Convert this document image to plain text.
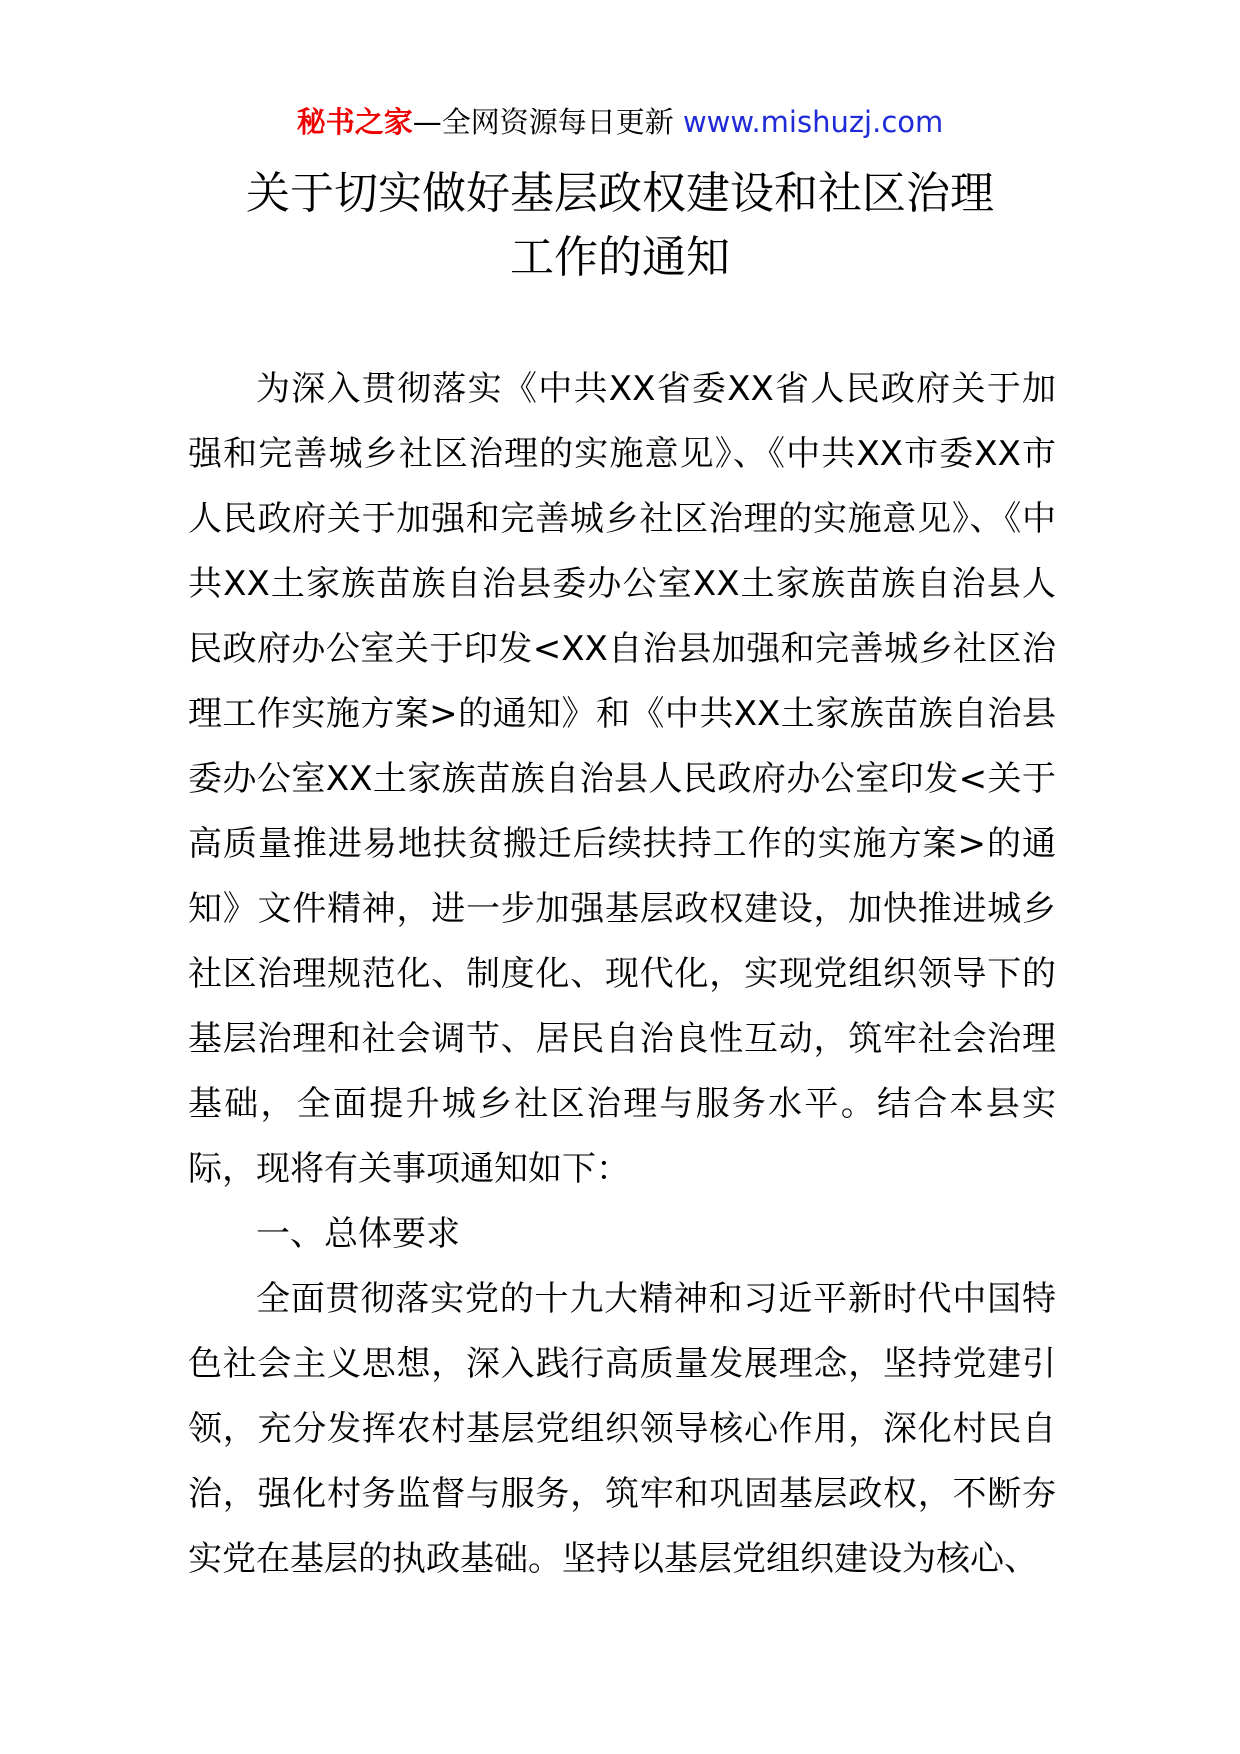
秘书之家—全网资源每日更新 www.mishuzj.com
关于切实做好基层政权建设和社区治理
工作的通知

为深入贯彻落实《中共XX省委XX省人民政府关于加强和完善城乡社区治理的实施意见》、《中共XX市委XX市人民政府关于加强和完善城乡社区治理的实施意见》、《中共XX土家族苗族自治县委办公室XX土家族苗族自治县人民政府办公室关于印发<XX自治县加强和完善城乡社区治理工作实施方案>的通知》和《中共XX土家族苗族自治县委办公室XX土家族苗族自治县人民政府办公室印发<关于高质量推进易地扶贫搬迁后续扶持工作的实施方案>的通知》文件精神，进一步加强基层政权建设，加快推进城乡社区治理规范化、制度化、现代化，实现党组织领导下的基层治理和社会调节、居民自治良性互动，筑牢社会治理基础，全面提升城乡社区治理与服务水平。结合本县实际，现将有关事项通知如下：

一、总体要求

全面贯彻落实党的十九大精神和习近平新时代中国特色社会主义思想，深入践行高质量发展理念，坚持党建引领，充分发挥农村基层党组织领导核心作用，深化村民自治，强化村务监督与服务，筑牢和巩固基层政权，不断夯实党在基层的执政基础。坚持以基层党组织建设为核心、
